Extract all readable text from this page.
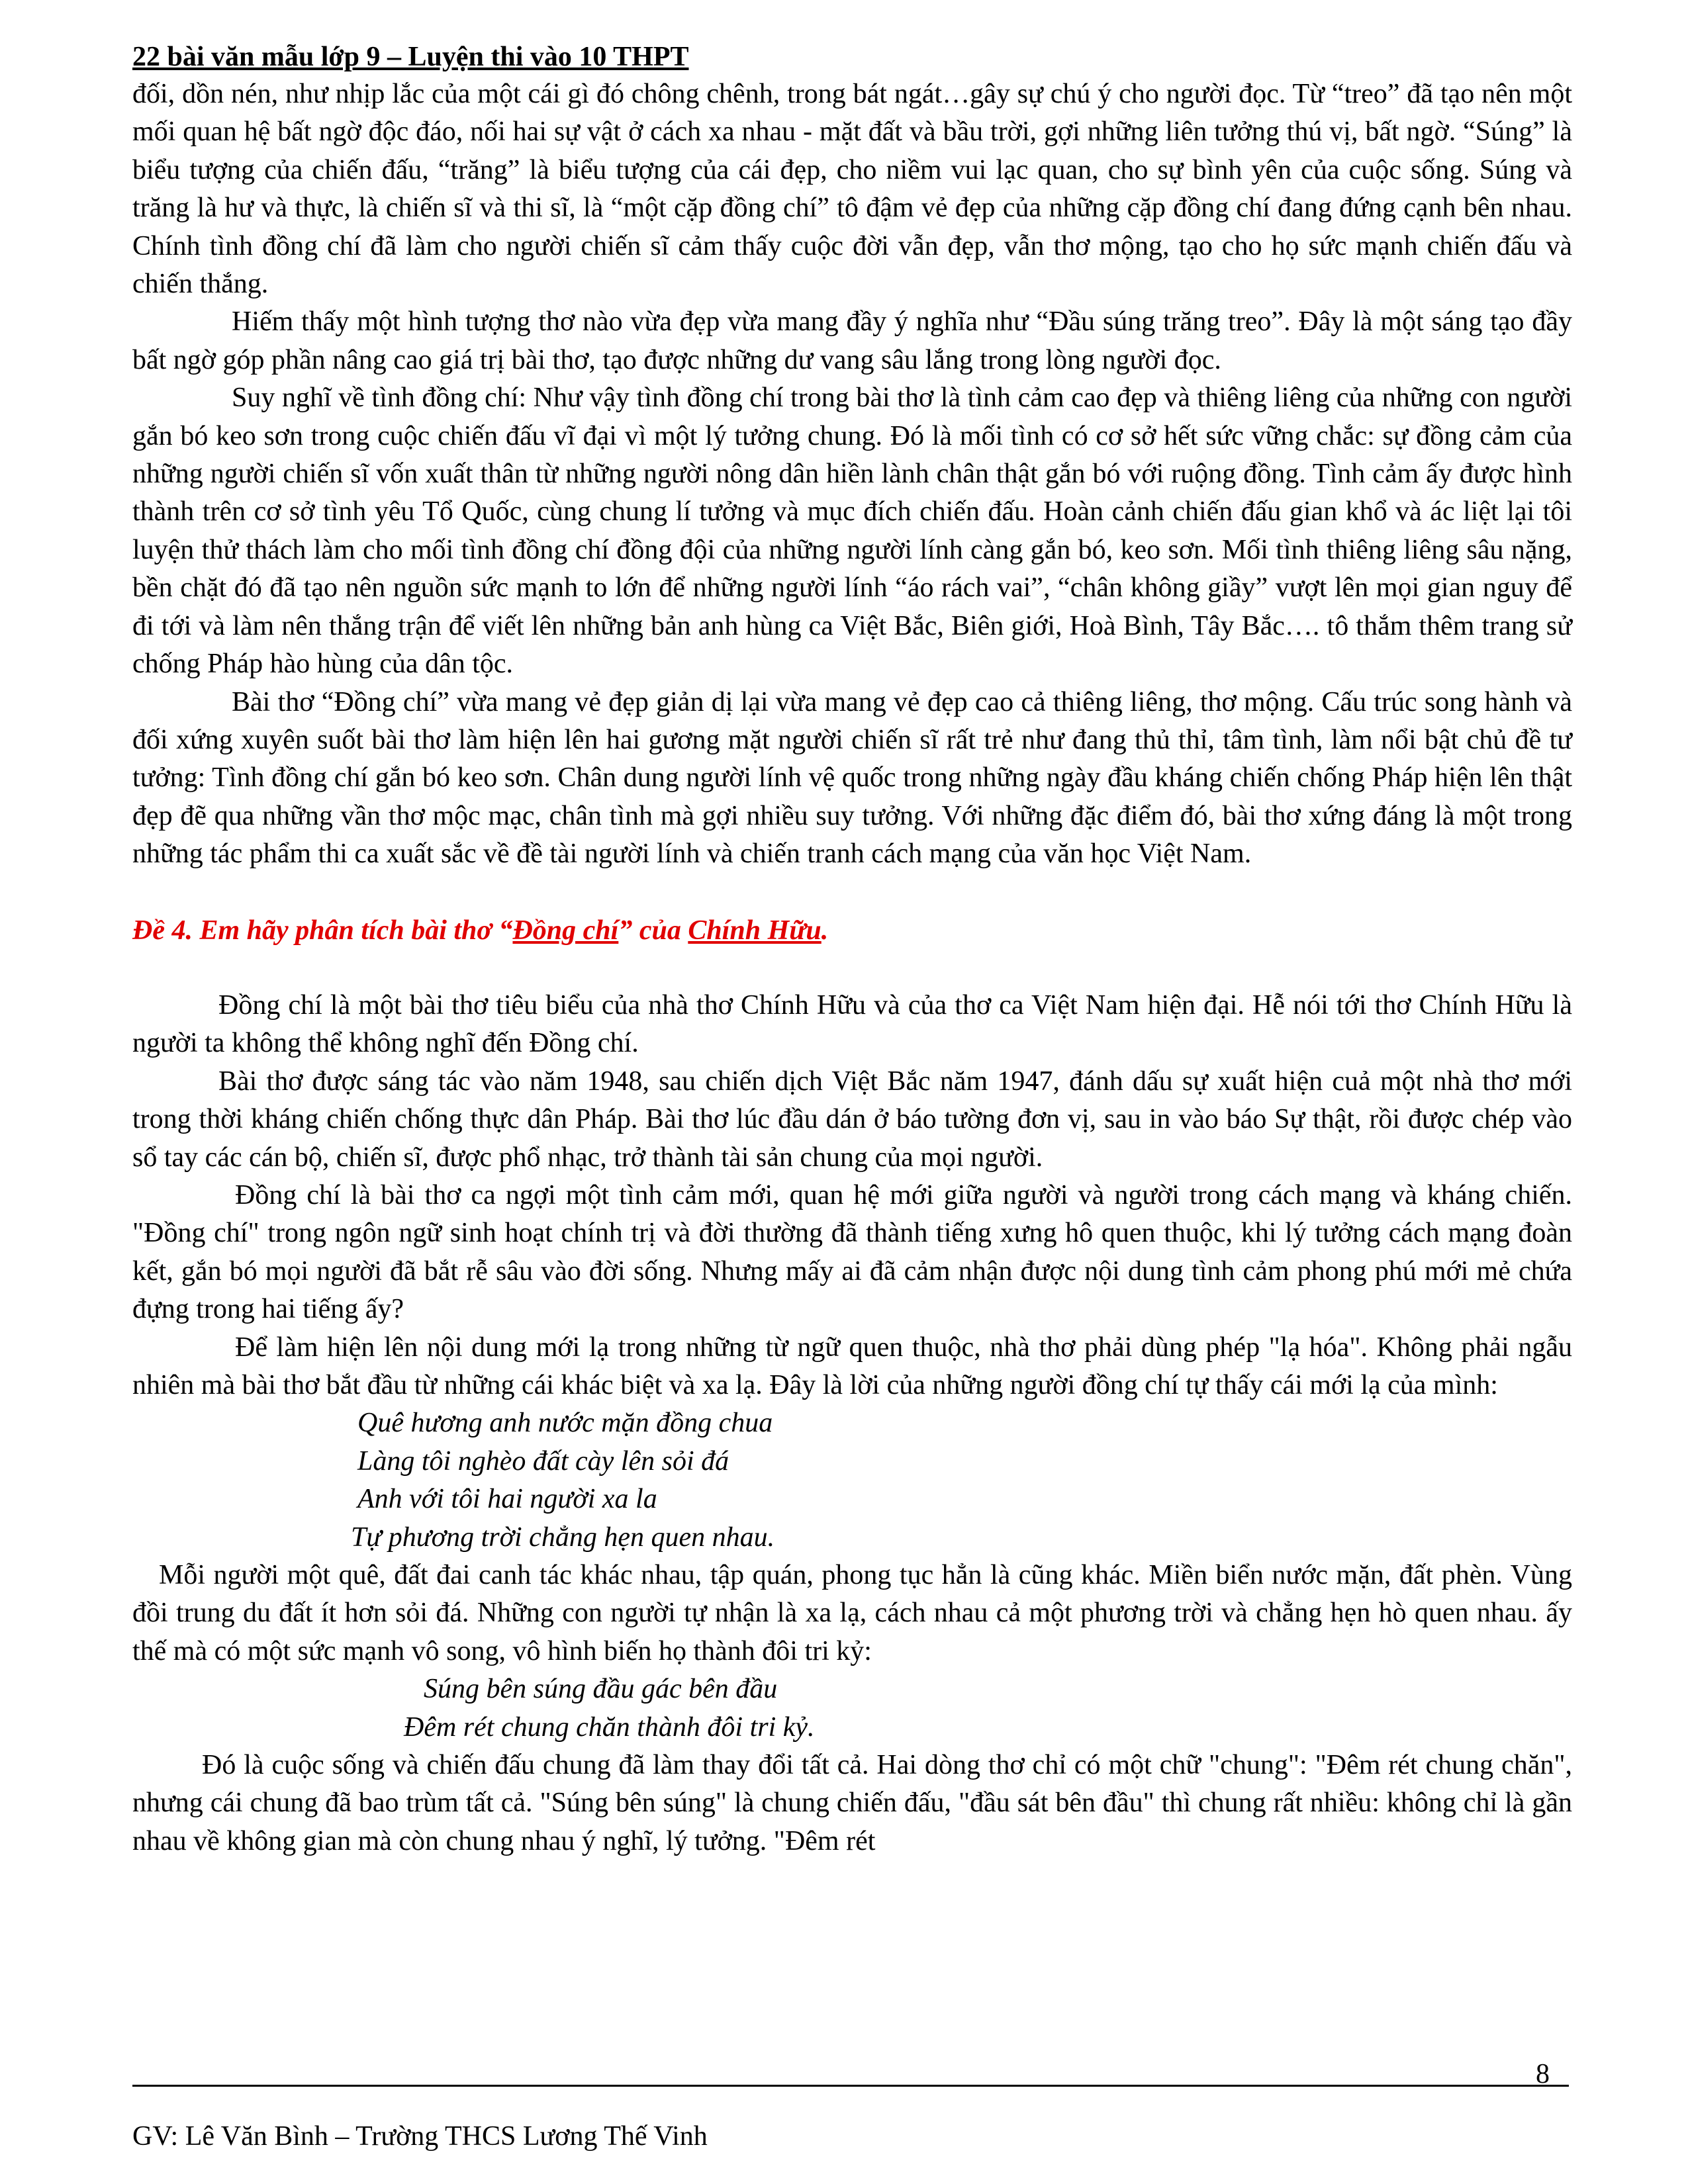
22 bài văn mẫu lớp 9 – Luyện thi vào 10 THPT

đối, dồn nén, như nhịp lắc của một cái gì đó chông chênh, trong bát ngát…gây sự chú ý cho người đọc. Từ “treo” đã tạo nên một mối quan hệ bất ngờ độc đáo, nối hai sự vật ở cách xa nhau - mặt đất và bầu trời, gợi những liên tưởng thú vị, bất ngờ. “Súng” là biểu tượng của chiến đấu, “trăng” là biểu tượng của cái đẹp, cho niềm vui lạc quan, cho sự bình yên của cuộc sống. Súng và trăng là hư và thực, là chiến sĩ và thi sĩ, là “một cặp đồng chí” tô đậm vẻ đẹp của những cặp đồng chí đang đứng cạnh bên nhau. Chính tình đồng chí đã làm cho người chiến sĩ cảm thấy cuộc đời vẫn đẹp, vẫn thơ mộng, tạo cho họ sức mạnh chiến đấu và chiến thắng.

Hiếm thấy một hình tượng thơ nào vừa đẹp vừa mang đầy ý nghĩa như “Đầu súng trăng treo”. Đây là một sáng tạo đầy bất ngờ góp phần nâng cao giá trị bài thơ, tạo được những dư vang sâu lắng trong lòng người đọc.

Suy nghĩ về tình đồng chí: Như vậy tình đồng chí trong bài thơ là tình cảm cao đẹp và thiêng liêng của những con người gắn bó keo sơn trong cuộc chiến đấu vĩ đại vì một lý tưởng chung. Đó là mối tình có cơ sở hết sức vững chắc: sự đồng cảm của những người chiến sĩ vốn xuất thân từ những người nông dân hiền lành chân thật gắn bó với ruộng đồng. Tình cảm ấy được hình thành trên cơ sở tình yêu Tổ Quốc, cùng chung lí tưởng và mục đích chiến đấu. Hoàn cảnh chiến đấu gian khổ và ác liệt lại tôi luyện thử thách làm cho mối tình đồng chí đồng đội của những người lính càng gắn bó, keo sơn. Mối tình thiêng liêng sâu nặng, bền chặt đó đã tạo nên nguồn sức mạnh to lớn để những người lính “áo rách vai”, “chân không giầy” vượt lên mọi gian nguy để đi tới và làm nên thắng trận để viết lên những bản anh hùng ca Việt Bắc, Biên giới, Hoà Bình, Tây Bắc…. tô thắm thêm trang sử chống Pháp hào hùng của dân tộc.

Bài thơ “Đồng chí” vừa mang vẻ đẹp giản dị lại vừa mang vẻ đẹp cao cả thiêng liêng, thơ mộng. Cấu trúc song hành và đối xứng xuyên suốt bài thơ làm hiện lên hai gương mặt người chiến sĩ rất trẻ như đang thủ thỉ, tâm tình, làm nổi bật chủ đề tư tưởng: Tình đồng chí gắn bó keo sơn. Chân dung người lính vệ quốc trong những ngày đầu kháng chiến chống Pháp hiện lên thật đẹp đẽ qua những vần thơ mộc mạc, chân tình mà gợi nhiều suy tưởng. Với những đặc điểm đó, bài thơ xứng đáng là một trong những tác phẩm thi ca xuất sắc về đề tài người lính và chiến tranh cách mạng của văn học Việt Nam.

Đề 4. Em hãy phân tích bài thơ “Đồng chí” của Chính Hữu.

Đồng chí là một bài thơ tiêu biểu của nhà thơ Chính Hữu và của thơ ca Việt Nam hiện đại. Hễ nói tới thơ Chính Hữu là người ta không thể không nghĩ đến Đồng chí.

Bài thơ được sáng tác vào năm 1948, sau chiến dịch Việt Bắc năm 1947, đánh dấu sự xuất hiện cuả một nhà thơ mới trong thời kháng chiến chống thực dân Pháp. Bài thơ lúc đầu dán ở báo tường đơn vị, sau in vào báo Sự thật, rồi được chép vào sổ tay các cán bộ, chiến sĩ, được phổ nhạc, trở thành tài sản chung của mọi người.

Đồng chí là bài thơ ca ngợi một tình cảm mới, quan hệ mới giữa người và người trong cách mạng và kháng chiến. "Đồng chí" trong ngôn ngữ sinh hoạt chính trị và đời thường đã thành tiếng xưng hô quen thuộc, khi lý tưởng cách mạng đoàn kết, gắn bó mọi người đã bắt rễ sâu vào đời sống. Nhưng mấy ai đã cảm nhận được nội dung tình cảm phong phú mới mẻ chứa đựng trong hai tiếng ấy?

Để làm hiện lên nội dung mới lạ trong những từ ngữ quen thuộc, nhà thơ phải dùng phép "lạ hóa". Không phải ngẫu nhiên mà bài thơ bắt đầu từ những cái khác biệt và xa lạ. Đây là lời của những người đồng chí tự thấy cái mới lạ của mình:

Quê hương anh nước mặn đồng chua
Làng tôi nghèo đất cày lên sỏi đá
Anh với tôi hai người xa la
Tự phương trời chẳng hẹn quen nhau.

Mỗi người một quê, đất đai canh tác khác nhau, tập quán, phong tục hẳn là cũng khác. Miền biển nước mặn, đất phèn. Vùng đồi trung du đất ít hơn sỏi đá. Những con người tự nhận là xa lạ, cách nhau cả một phương trời và chẳng hẹn hò quen nhau. ấy thế mà có một sức mạnh vô song, vô hình biến họ thành đôi tri kỷ:

Súng bên súng đầu gác bên đầu
Đêm rét chung chăn thành đôi tri kỷ.

Đó là cuộc sống và chiến đấu chung đã làm thay đổi tất cả. Hai dòng thơ chỉ có một chữ "chung": "Đêm rét chung chăn", nhưng cái chung đã bao trùm tất cả. "Súng bên súng" là chung chiến đấu, "đầu sát bên đầu" thì chung rất nhiều: không chỉ là gần nhau về không gian mà còn chung nhau ý nghĩ, lý tưởng. "Đêm rét

8
GV: Lê Văn Bình – Trường THCS Lương Thế Vinh
